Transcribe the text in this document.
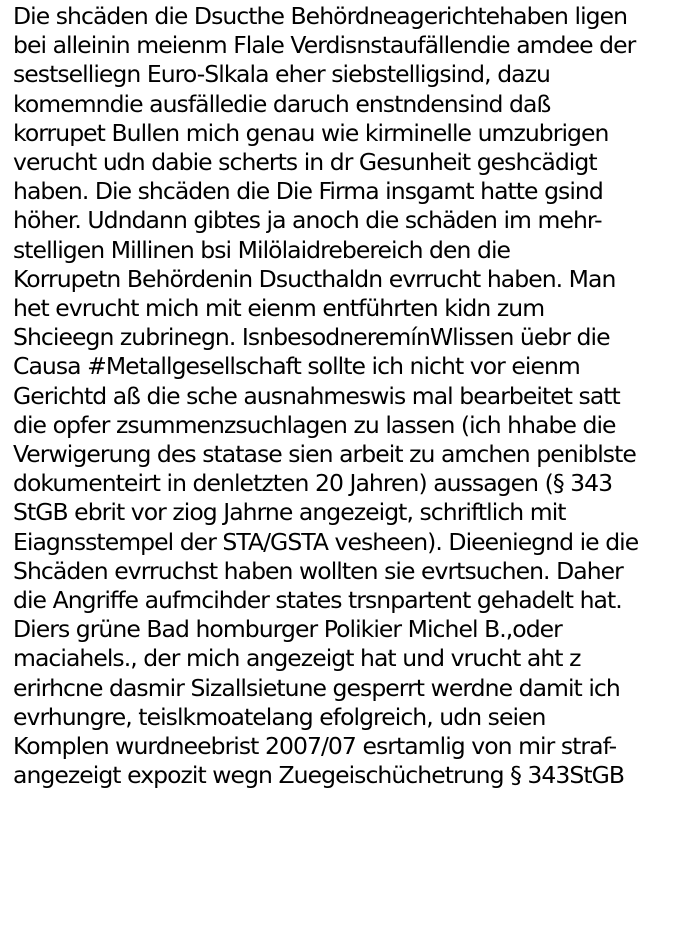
Die shcäden die Dsucthe Behördneagerichtehaben ligen
bei alleinin meienm Flale Verdisnstaufällendie amdee der
sestselliegn Euro-Slkala eher siebstelligsind, dazu
komemndie ausfälledie daruch enstndensind daß
korrupet Bullen mich genau wie kirminelle umzubrigen
verucht udn dabie scherts in dr Gesunheit geshcädigt
haben. Die shcäden die Die Firma insgamt hatte gsind
höher. Udndann gibtes ja anoch die schäden im mehr-
stelligen Millinen bsi Milölaidrebereich den die
Korrupetn Behördenin Dsucthaldn evrrucht haben. Man
het evrucht mich mit eienm entführten kidn zum
Shcieegn zubrinegn. IsnbesodneremínWlissen üebr die
Causa #Metallgesellschaft sollte ich nicht vor eienm
Gerichtd aß die sche ausnahmeswis mal bearbeitet satt
die opfer zsummenzsuchlagen zu lassen (ich hhabe die
Verwigerung des statase sien arbeit zu amchen peniblste
dokumenteirt in denletzten 20 Jahren) aussagen (§ 343
StGB ebrit vor ziog Jahrne angezeigt, schriftlich mit
Eiagnsstempel der STA/GSTA vesheen). Dieeniegnd ie die
Shcäden evrruchst haben wollten sie evrtsuchen. Daher
die Angriffe aufmcihder states trsnpartent gehadelt hat.
Diers grüne Bad homburger Polikier Michel B.,oder
maciahels., der mich angezeigt hat und vrucht aht z
erirhcne dasmir Sizallsietune gesperrt werdne damit ich
evrhungre, teislkmoatelang efolgreich, udn seien
Komplen wurdneebrist 2007/07 esrtamlig von mir straf-
angezeigt expozit wegn Zuegeischüchetrung § 343StGB
